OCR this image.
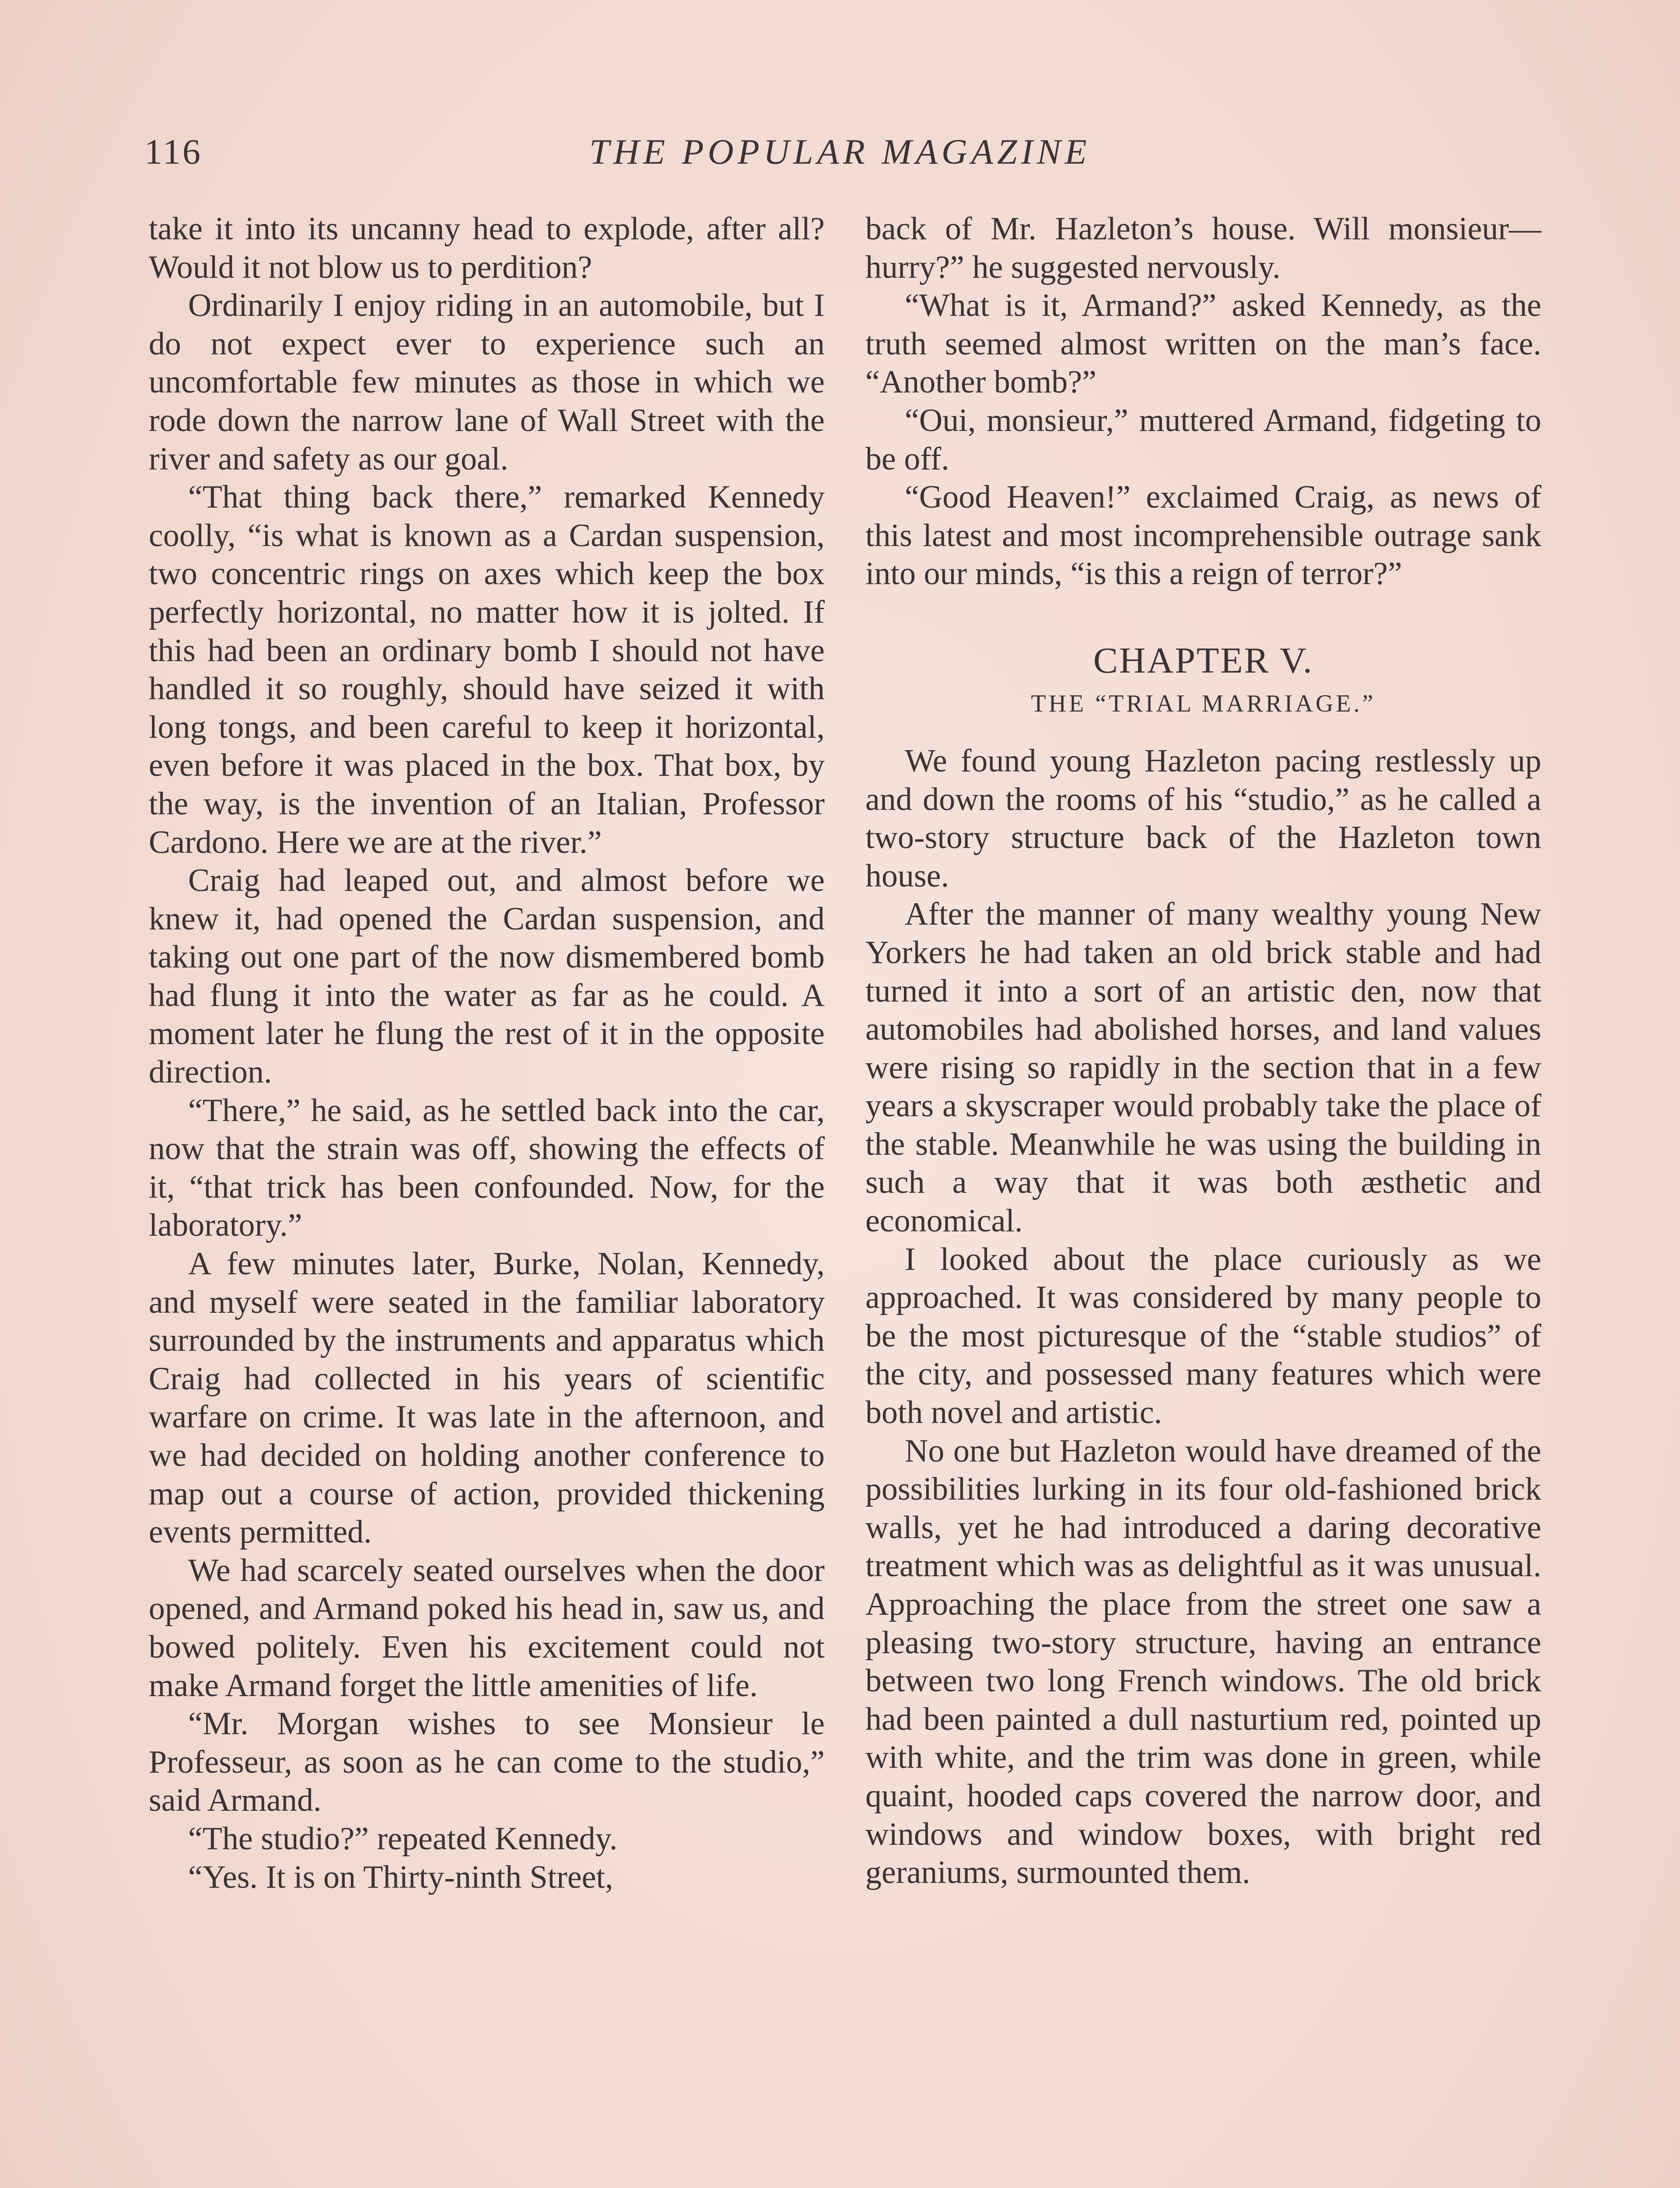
116	THE POPULAR MAGAZINE

take it into its uncanny head to explode, after all? Would it not blow us to perdition?

Ordinarily I enjoy riding in an automobile, but I do not expect ever to experience such an uncomfortable few minutes as those in which we rode down the narrow lane of Wall Street with the river and safety as our goal.

“That thing back there,” remarked Kennedy coolly, “is what is known as a Cardan suspension, two concentric rings on axes which keep the box perfectly horizontal, no matter how it is jolted. If this had been an ordinary bomb I should not have handled it so roughly, should have seized it with long tongs, and been careful to keep it horizontal, even before it was placed in the box. That box, by the way, is the invention of an Italian, Professor Cardono. Here we are at the river.”

Craig had leaped out, and almost before we knew it, had opened the Cardan suspension, and taking out one part of the now dismembered bomb had flung it into the water as far as he could. A moment later he flung the rest of it in the opposite direction.

“There,” he said, as he settled back into the car, now that the strain was off, showing the effects of it, “that trick has been confounded. Now, for the laboratory.”

A few minutes later, Burke, Nolan, Kennedy, and myself were seated in the familiar laboratory surrounded by the instruments and apparatus which Craig had collected in his years of scientific warfare on crime. It was late in the afternoon, and we had decided on holding another conference to map out a course of action, provided thickening events permitted.

We had scarcely seated ourselves when the door opened, and Armand poked his head in, saw us, and bowed politely. Even his excitement could not make Armand forget the little amenities of life.

“Mr. Morgan wishes to see Monsieur le Professeur, as soon as he can come to the studio,” said Armand.

“The studio?” repeated Kennedy.

“Yes. It is on Thirty-ninth Street,

back of Mr. Hazleton’s house. Will monsieur—hurry?” he suggested nervously.

“What is it, Armand?” asked Kennedy, as the truth seemed almost written on the man’s face. “Another bomb?”

“Oui, monsieur,” muttered Armand, fidgeting to be off.

“Good Heaven!” exclaimed Craig, as news of this latest and most incomprehensible outrage sank into our minds, “is this a reign of terror?”

CHAPTER V.
THE “TRIAL MARRIAGE.”

We found young Hazleton pacing restlessly up and down the rooms of his “studio,” as he called a two-story structure back of the Hazleton town house.

After the manner of many wealthy young New Yorkers he had taken an old brick stable and had turned it into a sort of an artistic den, now that automobiles had abolished horses, and land values were rising so rapidly in the section that in a few years a skyscraper would probably take the place of the stable. Meanwhile he was using the building in such a way that it was both æsthetic and economical.

I looked about the place curiously as we approached. It was considered by many people to be the most picturesque of the “stable studios” of the city, and possessed many features which were both novel and artistic.

No one but Hazleton would have dreamed of the possibilities lurking in its four old-fashioned brick walls, yet he had introduced a daring decorative treatment which was as delightful as it was unusual. Approaching the place from the street one saw a pleasing two-story structure, having an entrance between two long French windows. The old brick had been painted a dull nasturtium red, pointed up with white, and the trim was done in green, while quaint, hooded caps covered the narrow door, and windows and window boxes, with bright red geraniums, surmounted them.
